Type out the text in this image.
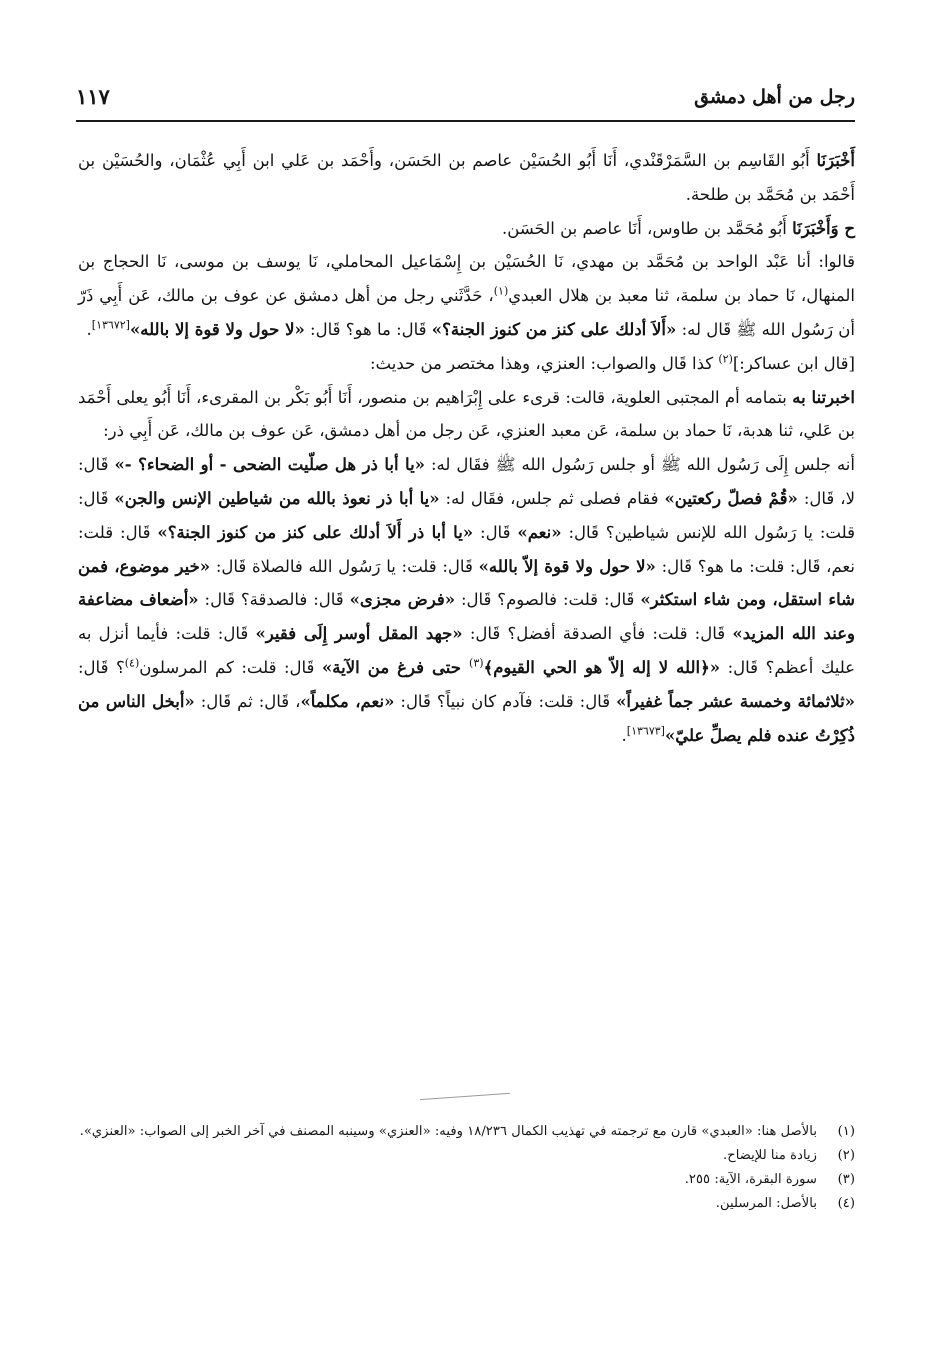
رجل من أهل دمشق
١١٧

أَخْبَرَنَا أَبُو القَاسِم بن السَّمَرْقَنْدي، أَنَا أَبُو الحُسَيْن عاصم بن الحَسَن، وأَحْمَد بن عَلي ابن أَبِي عُثْمَان، والحُسَيْن بن أَحْمَد بن مُحَمَّد بن طلحة.

ح وَأَخْبَرَنَا أَبُو مُحَمَّد بن طاوس، أَنَا عاصم بن الحَسَن.

قالوا: أنا عَبْد الواحد بن مُحَمَّد بن مهدي، نَا الحُسَيْن بن إِسْمَاعيل المحاملي، نَا يوسف بن موسى، نَا الحجاج بن المنهال، نَا حماد بن سلمة، ثنا معبد بن هلال العبدي$^{(١)}$، حَدَّثَني رجل من أهل دمشق عن عوف بن مالك، عَن أَبِي ذَرّ أن رَسُول الله ﷺ قَال له: «أَلاَ أدلك على كنز من كنوز الجنة؟» قَال: ما هو؟ قَال: «لا حول ولا قوة إلا بالله»[١٣٦٧٢].

[قال ابن عساكر:]$^{(٢)}$ كذا قَال والصواب: العنزي، وهذا مختصر من حديث:

اخبرتنا به بتمامه أم المجتبى العلوية، قالت: قرىء على إِبْرَاهيم بن منصور، أَنَا أَبُو بَكْر بن المقرىء، أَنَا أَبُو يعلى أَحْمَد بن عَلي، ثنا هدبة، نَا حماد بن سلمة، عَن معبد العنزي، عَن رجل من أهل دمشق، عَن عوف بن مالك، عَن أَبِي ذر:

أنه جلس إِلَى رَسُول الله ﷺ أو جلس رَسُول الله ﷺ فقَال له: «يا أبا ذر هل صلّيت الضحى - أو الضحاء؟ -» قَال: لا، قَال: «قُمْ فصلّ ركعتين» فقام فصلى ثم جلس، فقَال له: «يا أبا ذر نعوذ بالله من شياطين الإنس والجن» قَال: قلت: يا رَسُول الله للإنس شياطين؟ قَال: «نعم» قَال: «يا أبا ذر أَلاَ أدلك على كنز من كنوز الجنة؟» قَال: قلت: نعم، قَال: قلت: ما هو؟ قَال: «لا حول ولا قوة إلاّ بالله» قَال: قلت: يا رَسُول الله فالصلاة قَال: «خير موضوع، فمن شاء استقل، ومن شاء استكثر» قَال: قلت: فالصوم؟ قَال: «فرض مجزى» قَال: فالصدقة؟ قَال: «أضعاف مضاعفة وعند الله المزيد» قَال: قلت: فأي الصدقة أفضل؟ قَال: «جهد المقل أوسر إِلَى فقير» قَال: قلت: فأيما أنزل به عليك أعظم؟ قَال: «﴿الله لا إله إلاّ هو الحي القيوم﴾$^{(٣)}$ حتى فرغ من الآية» قَال: قلت: كم المرسلون$^{(٤)}$؟ قَال: «ثلاثمائة وخمسة عشر جماً غفيراً» قَال: قلت: فآدم كان نبياً؟ قَال: «نعم، مكلماً»، قَال: ثم قَال: «أبخل الناس من ذُكِرْتُ عنده فلم يصلِّ عليّ»[١٣٦٧٣].

(١)
بالأصل هنا: «العبدي» قارن مع ترجمته في تهذيب الكمال ١٨/٢٣٦ وفيه: «العنزي» وسينبه المصنف في آخر الخبر إلى الصواب: «العنزي».
(٢)
زيادة منا للإيضاح.
(٣)
سورة البقرة، الآية: ٢٥٥.
(٤)
بالأصل: المرسلين.
